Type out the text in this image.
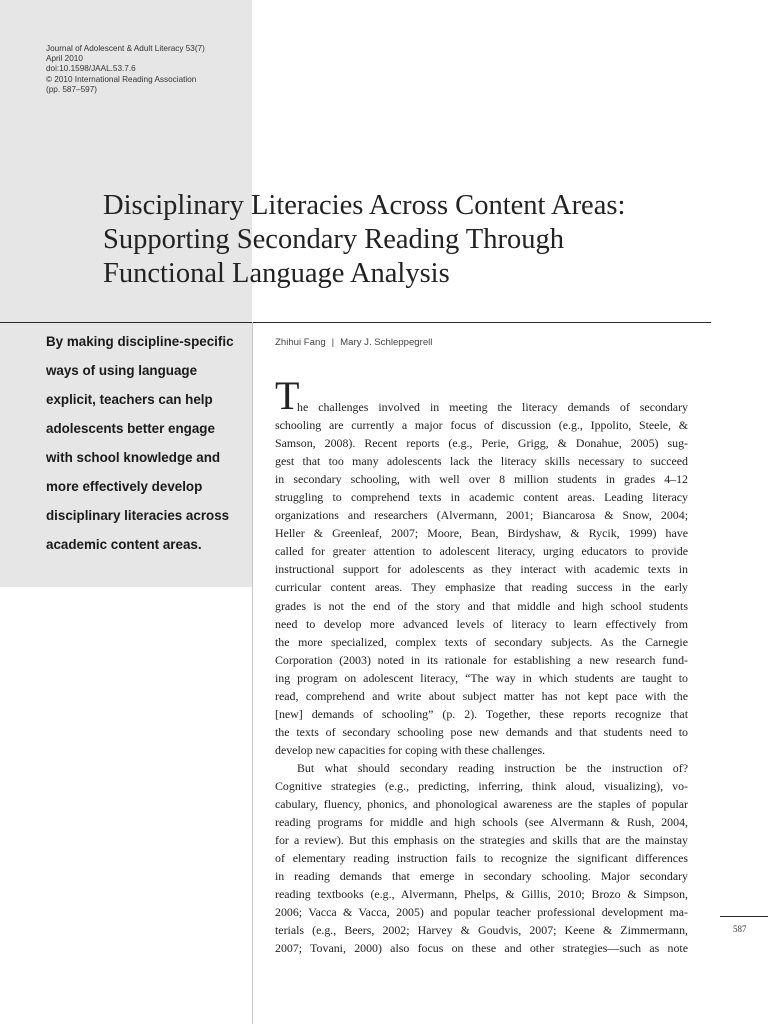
Journal of Adolescent & Adult Literacy 53(7)
April 2010
doi:10.1598/JAAL.53.7.6
© 2010 International Reading Association
(pp. 587–597)
Disciplinary Literacies Across Content Areas:
Supporting Secondary Reading Through
Functional Language Analysis
By making discipline-specific
ways of using language
explicit, teachers can help
adolescents better engage
with school knowledge and
more effectively develop
disciplinary literacies across
academic content areas.
Zhihui Fang | Mary J. Schleppegrell
T
he challenges involved in meeting the literacy demands of secondary
schooling are currently a major focus of discussion (e.g., Ippolito, Steele, &
Samson, 2008). Recent reports (e.g., Perie, Grigg, & Donahue, 2005) sug-
gest that too many adolescents lack the literacy skills necessary to succeed
in secondary schooling, with well over 8 million students in grades 4–12
struggling to comprehend texts in academic content areas. Leading literacy
organizations and researchers (Alvermann, 2001; Biancarosa & Snow, 2004;
Heller & Greenleaf, 2007; Moore, Bean, Birdyshaw, & Rycik, 1999) have
called for greater attention to adolescent literacy, urging educators to provide
instructional support for adolescents as they interact with academic texts in
curricular content areas. They emphasize that reading success in the early
grades is not the end of the story and that middle and high school students
need to develop more advanced levels of literacy to learn effectively from
the more specialized, complex texts of secondary subjects. As the Carnegie
Corporation (2003) noted in its rationale for establishing a new research fund-
ing program on adolescent literacy, “The way in which students are taught to
read, comprehend and write about subject matter has not kept pace with the
[new] demands of schooling” (p. 2). Together, these reports recognize that
the texts of secondary schooling pose new demands and that students need to
develop new capacities for coping with these challenges.
But what should secondary reading instruction be the instruction of?
Cognitive strategies (e.g., predicting, inferring, think aloud, visualizing), vo-
cabulary, fluency, phonics, and phonological awareness are the staples of popular
reading programs for middle and high schools (see Alvermann & Rush, 2004,
for a review). But this emphasis on the strategies and skills that are the mainstay
of elementary reading instruction fails to recognize the significant differences
in reading demands that emerge in secondary schooling. Major secondary
reading textbooks (e.g., Alvermann, Phelps, & Gillis, 2010; Brozo & Simpson,
2006; Vacca & Vacca, 2005) and popular teacher professional development ma-
terials (e.g., Beers, 2002; Harvey & Goudvis, 2007; Keene & Zimmermann,
2007; Tovani, 2000) also focus on these and other strategies—such as note
587
